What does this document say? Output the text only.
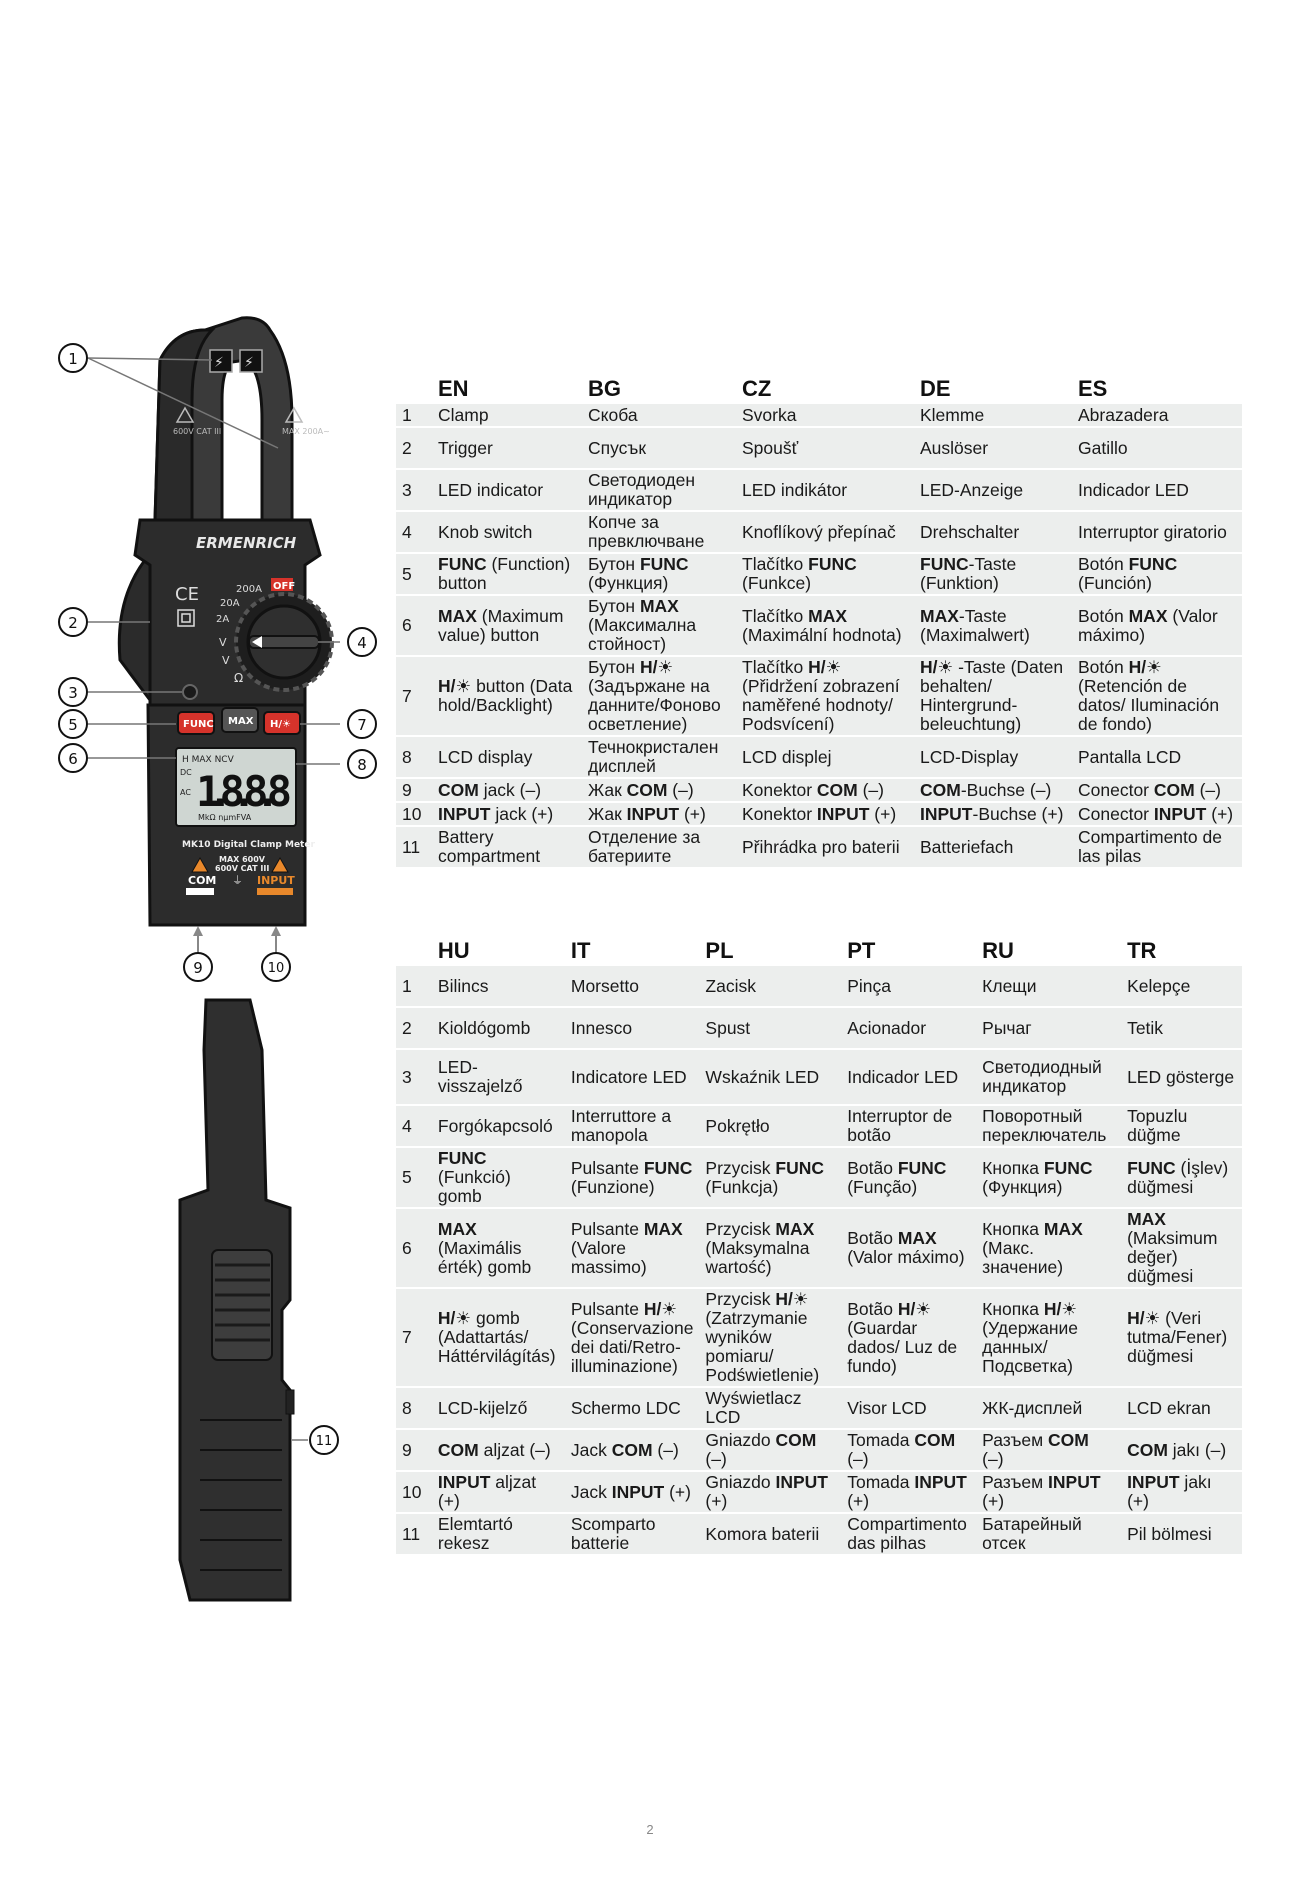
⚡ ⚡
600V CAT III	MAX 200A~
ERMENRICH
CE	200A
20A
2A
V
V
Ω
OFF
FUNC MAX H/☀
H MAX NCV
DC
AC 1.8.8.8
MkΩ nµmFVA
MK10 Digital Clamp Meter
MAX 600V
600V CAT III
COM	INPUT
⏚
1
2
3
5
6
4
7
8
9	10
11
	EN	BG	CZ	DE	ES
1	Clamp	Скоба	Svorka	Klemme	Abrazadera
2	Trigger	Спусък	Spoušť	Auslöser	Gatillo
3	LED indicator	Светодиоден индикатор	LED indikátor	LED-Anzeige	Indicador LED
4	Knob switch	Копче за превключване	Knoflíkový přepínač	Drehschalter	Interruptor giratorio
5	FUNC (Function) button	Бутон FUNC (Функция)	Tlačítko FUNC (Funkce)	FUNC-Taste (Funktion)	Botón FUNC (Función)
6	MAX (Maximum value) button	Бутон MAX (Максимална стойност)	Tlačítko MAX (Maximální hodnota)	MAX-Taste (Maximalwert)	Botón MAX (Valor máximo)
7	H/☀ button (Data hold/Backlight)	Бутон H/☀ (Задържане на данните/Фоново осветление)	Tlačítko H/☀ (Přidržení zobrazení naměřené hodnoty/ Podsvícení)	H/☀ -Taste (Daten behalten/ Hintergrund-beleuchtung)	Botón H/☀ (Retención de datos/ Iluminación de fondo)
8	LCD display	Течнокристален дисплей	LCD displej	LCD-Display	Pantalla LCD
9	COM jack (–)	Жак COM (–)	Konektor COM (–)	COM-Buchse (–)	Conector COM (–)
10	INPUT jack (+)	Жак INPUT (+)	Konektor INPUT (+)	INPUT-Buchse (+)	Conector INPUT (+)
11	Battery compartment	Отделение за батериите	Přihrádka pro baterii	Batteriefach	Compartimento de las pilas
	HU	IT	PL	PT	RU	TR
1	Bilincs	Morsetto	Zacisk	Pinça	Клещи	Kelepçe
2	Kioldógomb	Innesco	Spust	Acionador	Рычаг	Tetik
3	LED-visszajelző	Indicatore LED	Wskaźnik LED	Indicador LED	Светодиодный индикатор	LED gösterge
4	Forgókapcsoló	Interruttore a manopola	Pokrętło	Interruptor de botão	Поворотный переключатель	Topuzlu düğme
5	FUNC (Funkció) gomb	Pulsante FUNC (Funzione)	Przycisk FUNC (Funkcja)	Botão FUNC (Função)	Кнопка FUNC (Функция)	FUNC (İşlev) düğmesi
6	MAX (Maximális érték) gomb	Pulsante MAX (Valore massimo)	Przycisk MAX (Maksymalna wartość)	Botão MAX (Valor máximo)	Кнопка MAX (Макс. значение)	MAX (Maksimum değer) düğmesi
7	H/☀ gomb (Adattartás/ Háttérvilágítás)	Pulsante H/☀ (Conservazione dei dati/Retro-illuminazione)	Przycisk H/☀ (Zatrzymanie wyników pomiaru/ Podświetlenie)	Botão H/☀ (Guardar dados/ Luz de fundo)	Кнопка H/☀ (Удержание данных/ Подсветка)	H/☀ (Veri tutma/Fener) düğmesi
8	LCD-kijelző	Schermo LDC	Wyświetlacz LCD	Visor LCD	ЖК-дисплей	LCD ekran
9	COM aljzat (–)	Jack COM (–)	Gniazdo COM (–)	Tomada COM (–)	Разъем COM (–)	COM jakı (–)
10	INPUT aljzat (+)	Jack INPUT (+)	Gniazdo INPUT (+)	Tomada INPUT (+)	Разъем INPUT (+)	INPUT jakı (+)
11	Elemtartó rekesz	Scomparto batterie	Komora baterii	Compartimento das pilhas	Батарейный отсек	Pil bölmesi
2
